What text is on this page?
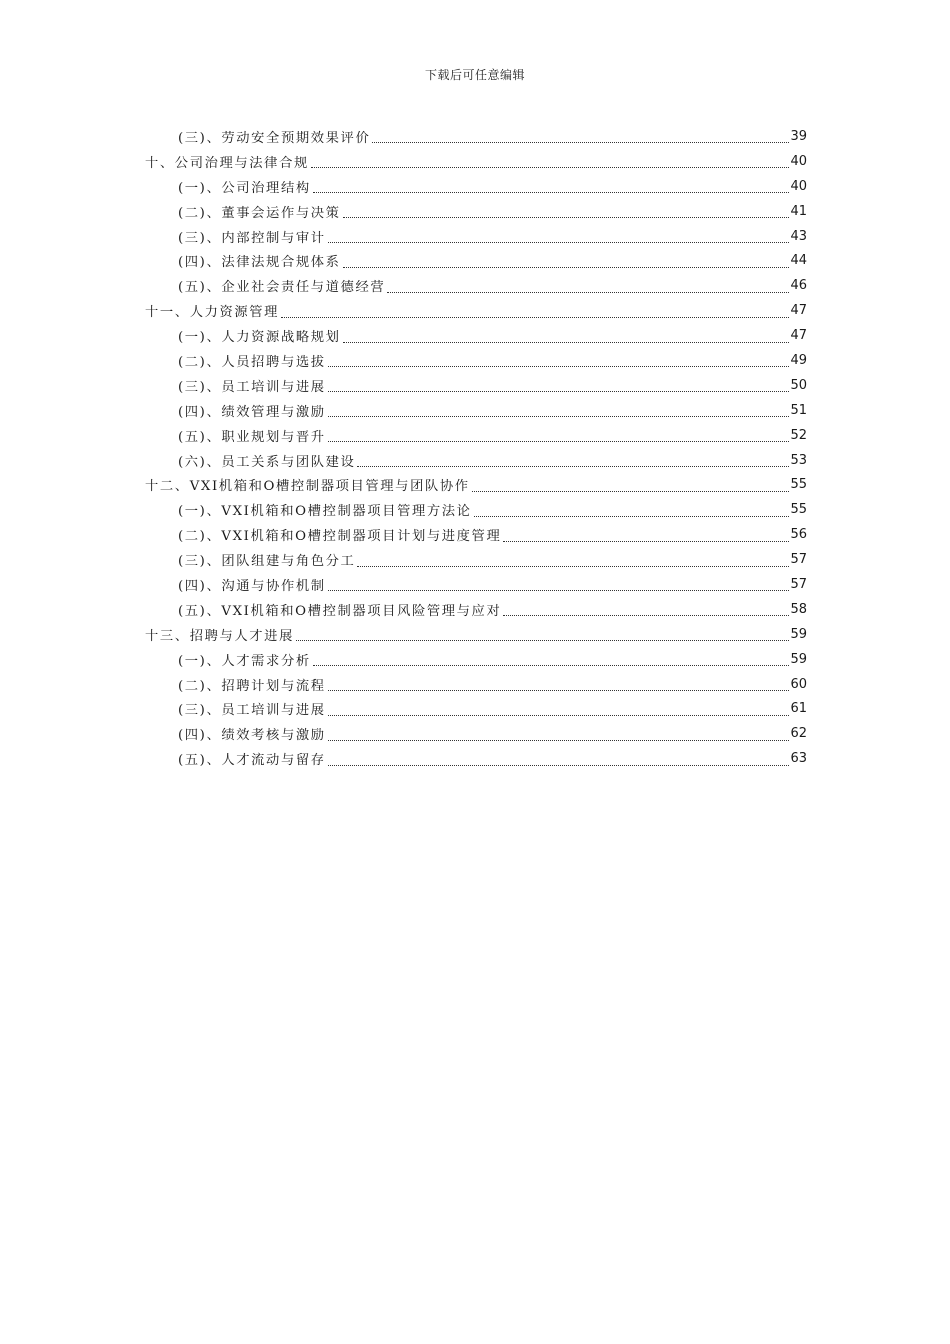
下载后可任意编辑
(三)、劳动安全预期效果评价	39
十、公司治理与法律合规	40
(一)、公司治理结构	40
(二)、董事会运作与决策	41
(三)、内部控制与审计	43
(四)、法律法规合规体系	44
(五)、企业社会责任与道德经营	46
十一、人力资源管理	47
(一)、人力资源战略规划	47
(二)、人员招聘与选拔	49
(三)、员工培训与进展	50
(四)、绩效管理与激励	51
(五)、职业规划与晋升	52
(六)、员工关系与团队建设	53
十二、VXI机箱和O槽控制器项目管理与团队协作	55
(一)、VXI机箱和O槽控制器项目管理方法论	55
(二)、VXI机箱和O槽控制器项目计划与进度管理	56
(三)、团队组建与角色分工	57
(四)、沟通与协作机制	57
(五)、VXI机箱和O槽控制器项目风险管理与应对	58
十三、招聘与人才进展	59
(一)、人才需求分析	59
(二)、招聘计划与流程	60
(三)、员工培训与进展	61
(四)、绩效考核与激励	62
(五)、人才流动与留存	63
